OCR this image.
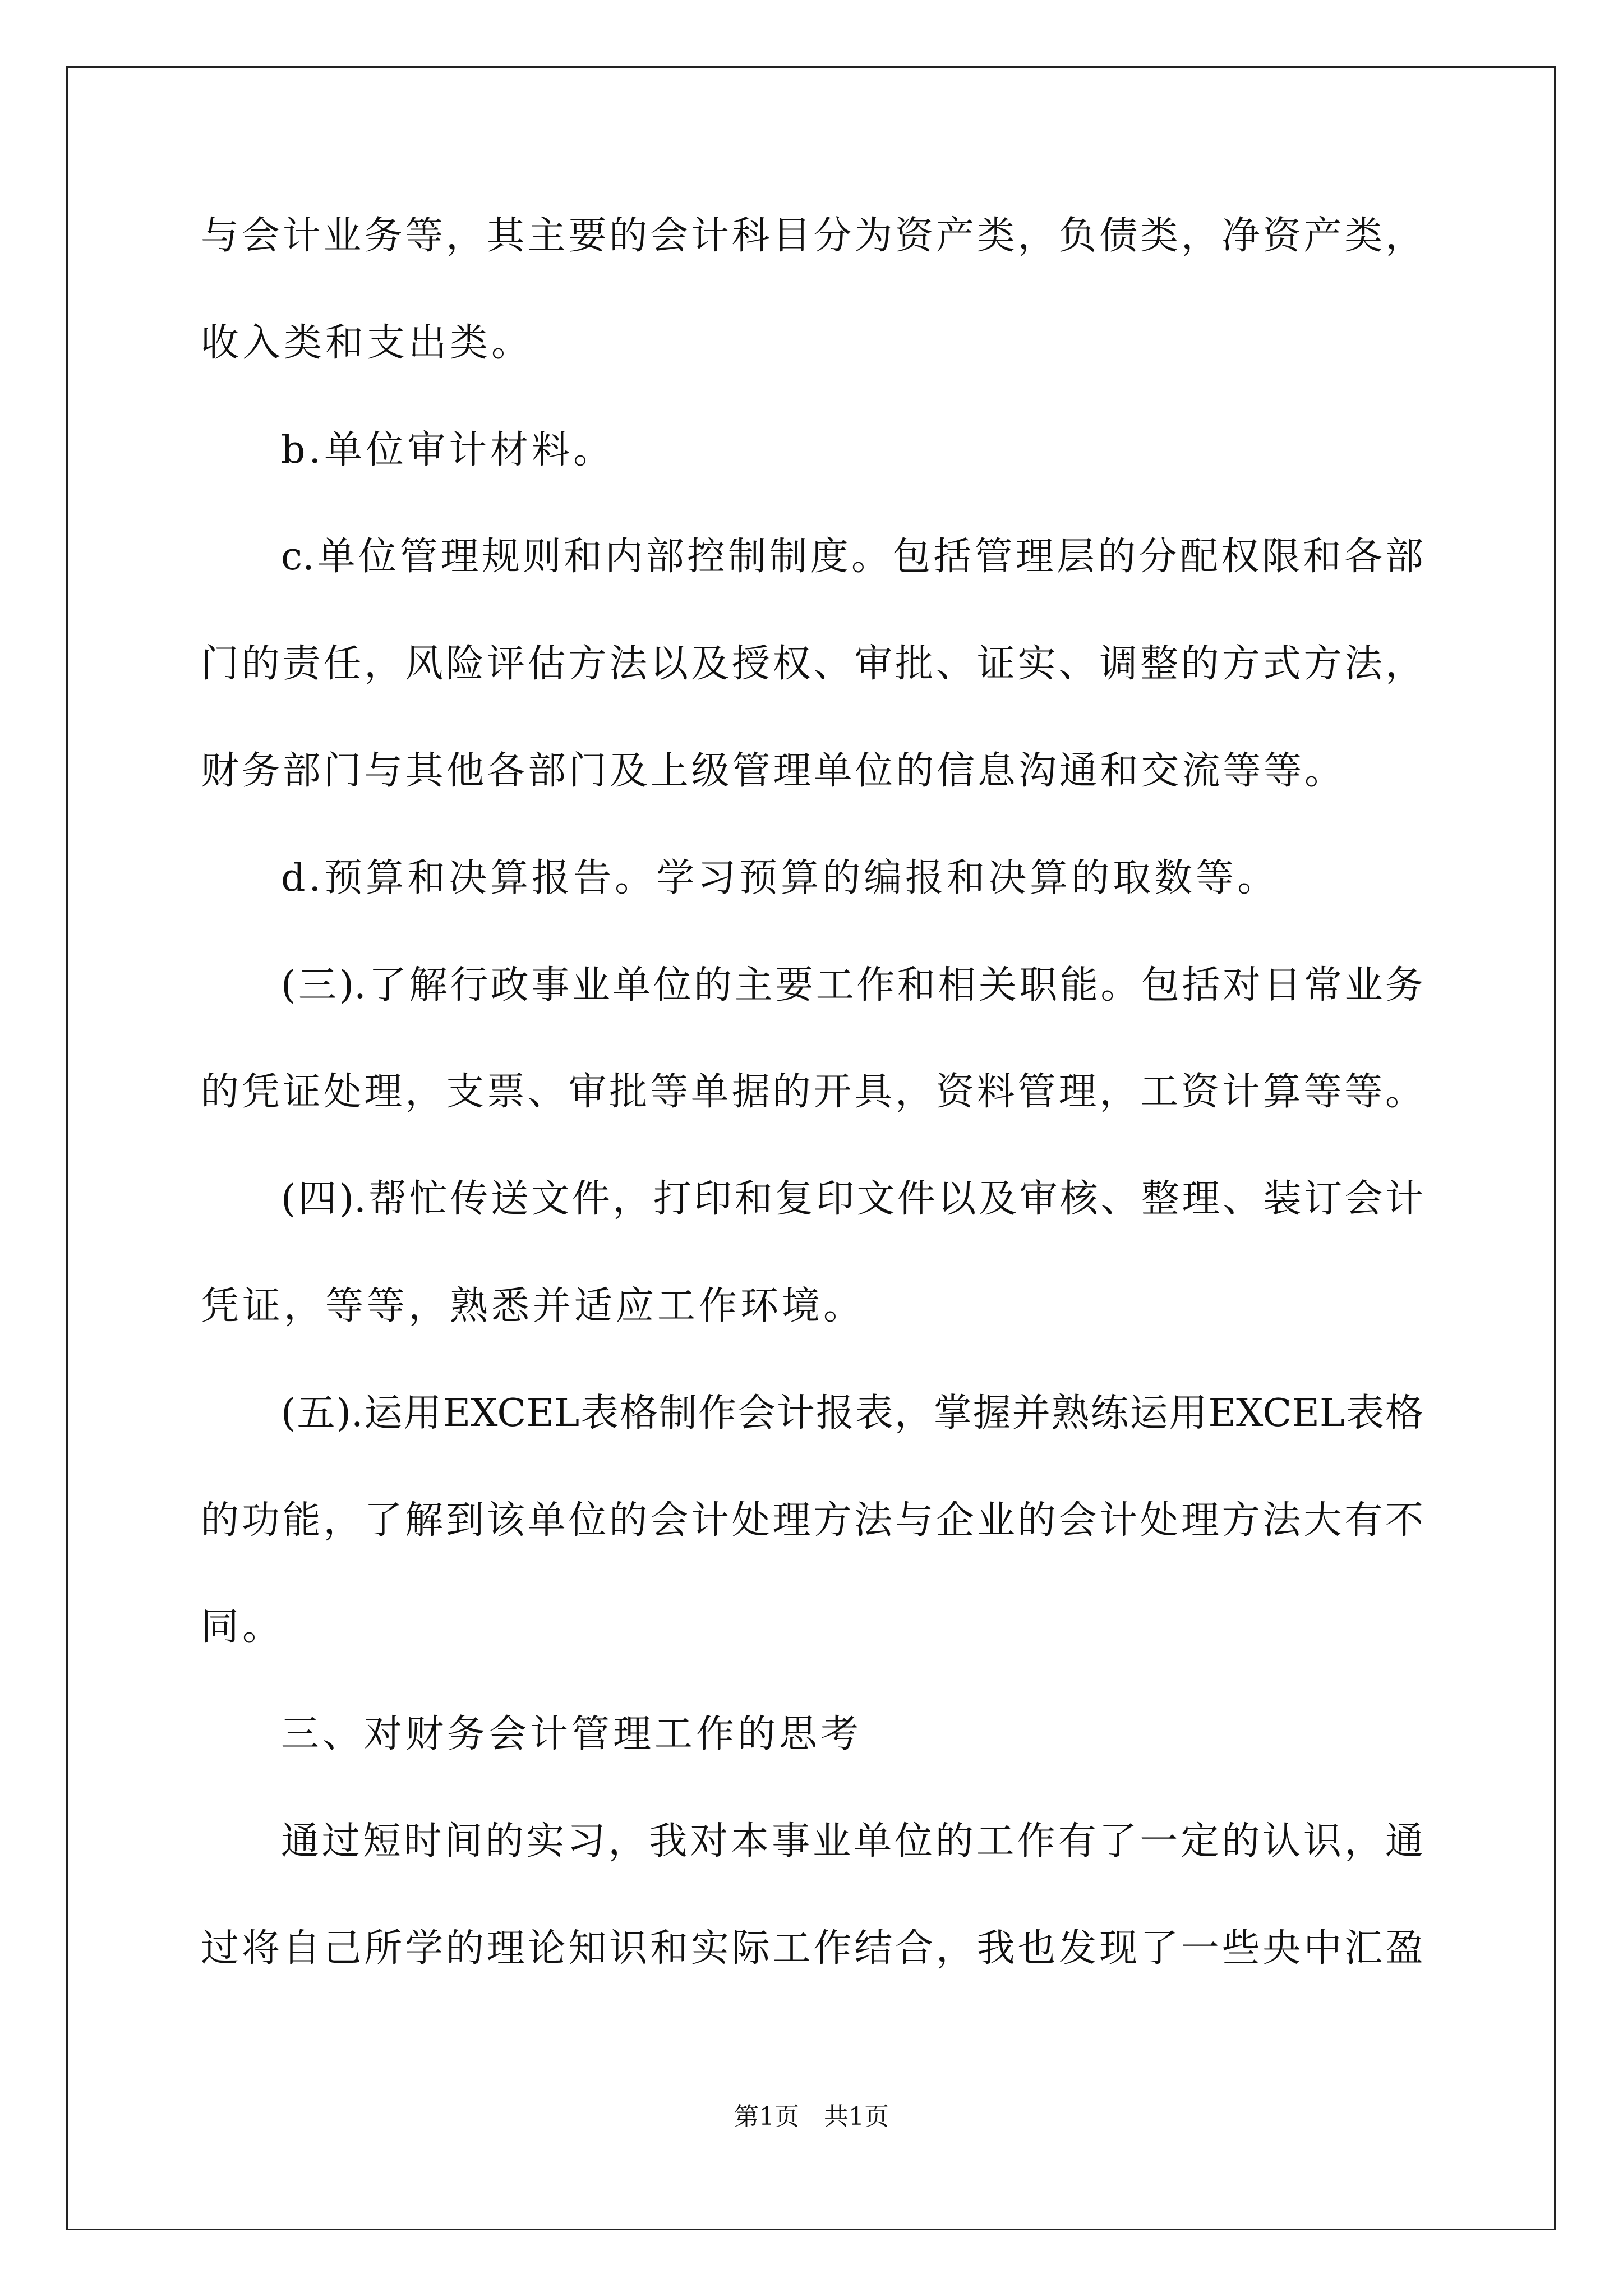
与会计业务等，其主要的会计科目分为资产类，负债类，净资产类，
收入类和支出类。
b.单位审计材料。
c.单位管理规则和内部控制制度。包括管理层的分配权限和各部
门的责任，风险评估方法以及授权、审批、证实、调整的方式方法，
财务部门与其他各部门及上级管理单位的信息沟通和交流等等。
d.预算和决算报告。学习预算的编报和决算的取数等。
(三).了解行政事业单位的主要工作和相关职能。包括对日常业务
的凭证处理，支票、审批等单据的开具，资料管理，工资计算等等。
(四).帮忙传送文件，打印和复印文件以及审核、整理、装订会计
凭证，等等，熟悉并适应工作环境。
(五).运用EXCEL表格制作会计报表，掌握并熟练运用EXCEL表格
的功能，了解到该单位的会计处理方法与企业的会计处理方法大有不
同。
三、对财务会计管理工作的思考
通过短时间的实习，我对本事业单位的工作有了一定的认识，通
过将自己所学的理论知识和实际工作结合，我也发现了一些央中汇盈
第1页　共1页
